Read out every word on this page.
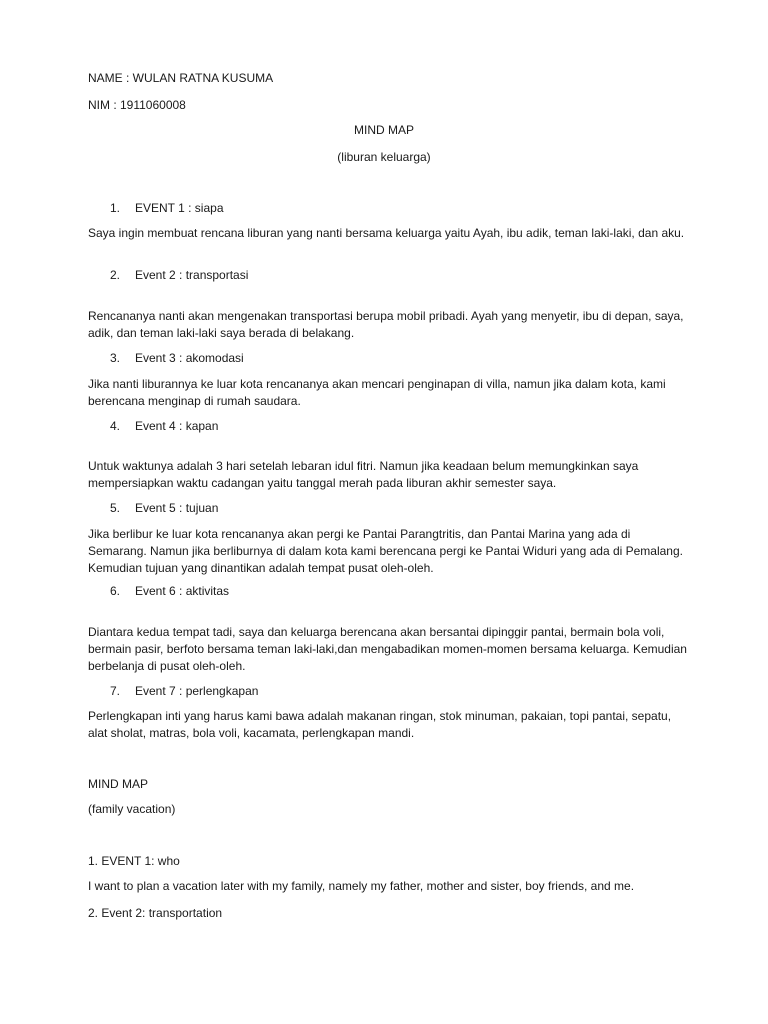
NAME : WULAN RATNA KUSUMA
NIM : 1911060008
MIND MAP
(liburan keluarga)
1. EVENT 1 : siapa
Saya ingin membuat rencana liburan yang nanti bersama keluarga yaitu Ayah, ibu adik, teman laki-laki, dan aku.
2. Event 2 : transportasi
Rencananya nanti akan mengenakan transportasi berupa mobil pribadi. Ayah yang menyetir, ibu di depan, saya, adik, dan teman laki-laki saya berada di belakang.
3. Event 3 : akomodasi
Jika nanti liburannya ke luar kota rencananya akan mencari penginapan di villa, namun jika dalam kota, kami berencana menginap di rumah saudara.
4. Event 4 : kapan
Untuk waktunya adalah 3 hari setelah lebaran idul fitri. Namun jika keadaan belum memungkinkan saya mempersiapkan waktu cadangan yaitu tanggal merah pada liburan akhir semester saya.
5. Event 5 : tujuan
Jika berlibur ke luar kota rencananya akan pergi ke Pantai Parangtritis, dan Pantai Marina yang ada di Semarang. Namun jika berliburnya di dalam kota kami berencana pergi ke Pantai Widuri yang ada di Pemalang. Kemudian tujuan yang dinantikan adalah tempat pusat oleh-oleh.
6. Event 6 : aktivitas
Diantara kedua tempat tadi, saya dan keluarga berencana akan bersantai dipinggir pantai, bermain bola voli, bermain pasir, berfoto bersama teman laki-laki,dan mengabadikan momen-momen bersama keluarga. Kemudian berbelanja di pusat oleh-oleh.
7. Event 7 : perlengkapan
Perlengkapan inti yang harus kami bawa adalah makanan ringan, stok minuman, pakaian, topi pantai, sepatu, alat sholat, matras, bola voli, kacamata, perlengkapan mandi.
MIND MAP
(family vacation)
1. EVENT 1: who
I want to plan a vacation later with my family, namely my father, mother and sister, boy friends, and me.
2. Event 2: transportation
